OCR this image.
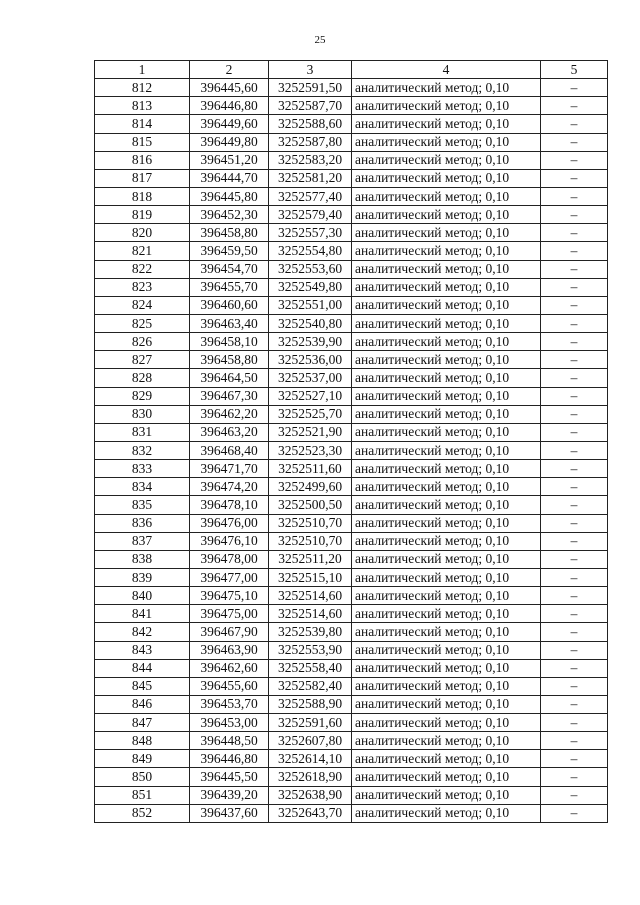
25
1	2	3	4	5
812	396445,60	3252591,50	аналитический метод; 0,10	–
813	396446,80	3252587,70	аналитический метод; 0,10	–
814	396449,60	3252588,60	аналитический метод; 0,10	–
815	396449,80	3252587,80	аналитический метод; 0,10	–
816	396451,20	3252583,20	аналитический метод; 0,10	–
817	396444,70	3252581,20	аналитический метод; 0,10	–
818	396445,80	3252577,40	аналитический метод; 0,10	–
819	396452,30	3252579,40	аналитический метод; 0,10	–
820	396458,80	3252557,30	аналитический метод; 0,10	–
821	396459,50	3252554,80	аналитический метод; 0,10	–
822	396454,70	3252553,60	аналитический метод; 0,10	–
823	396455,70	3252549,80	аналитический метод; 0,10	–
824	396460,60	3252551,00	аналитический метод; 0,10	–
825	396463,40	3252540,80	аналитический метод; 0,10	–
826	396458,10	3252539,90	аналитический метод; 0,10	–
827	396458,80	3252536,00	аналитический метод; 0,10	–
828	396464,50	3252537,00	аналитический метод; 0,10	–
829	396467,30	3252527,10	аналитический метод; 0,10	–
830	396462,20	3252525,70	аналитический метод; 0,10	–
831	396463,20	3252521,90	аналитический метод; 0,10	–
832	396468,40	3252523,30	аналитический метод; 0,10	–
833	396471,70	3252511,60	аналитический метод; 0,10	–
834	396474,20	3252499,60	аналитический метод; 0,10	–
835	396478,10	3252500,50	аналитический метод; 0,10	–
836	396476,00	3252510,70	аналитический метод; 0,10	–
837	396476,10	3252510,70	аналитический метод; 0,10	–
838	396478,00	3252511,20	аналитический метод; 0,10	–
839	396477,00	3252515,10	аналитический метод; 0,10	–
840	396475,10	3252514,60	аналитический метод; 0,10	–
841	396475,00	3252514,60	аналитический метод; 0,10	–
842	396467,90	3252539,80	аналитический метод; 0,10	–
843	396463,90	3252553,90	аналитический метод; 0,10	–
844	396462,60	3252558,40	аналитический метод; 0,10	–
845	396455,60	3252582,40	аналитический метод; 0,10	–
846	396453,70	3252588,90	аналитический метод; 0,10	–
847	396453,00	3252591,60	аналитический метод; 0,10	–
848	396448,50	3252607,80	аналитический метод; 0,10	–
849	396446,80	3252614,10	аналитический метод; 0,10	–
850	396445,50	3252618,90	аналитический метод; 0,10	–
851	396439,20	3252638,90	аналитический метод; 0,10	–
852	396437,60	3252643,70	аналитический метод; 0,10	–
